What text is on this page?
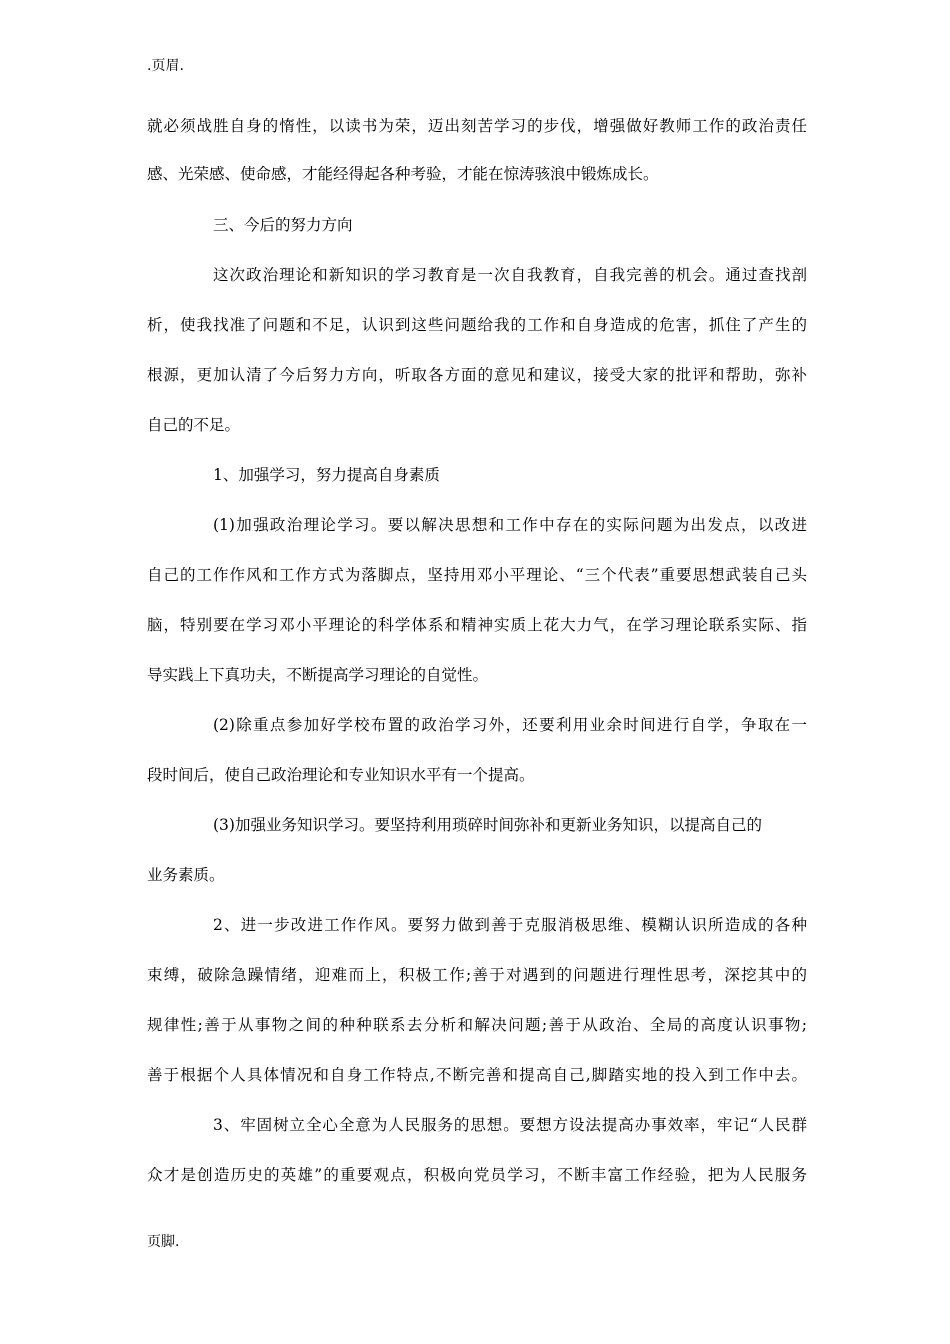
.页眉.
就必须战胜自身的惰性，以读书为荣，迈出刻苦学习的步伐，增强做好教师工作的政治责任
感、光荣感、使命感，才能经得起各种考验，才能在惊涛骇浪中锻炼成长。
三、今后的努力方向
这次政治理论和新知识的学习教育是一次自我教育，自我完善的机会。通过查找剖
析，使我找准了问题和不足，认识到这些问题给我的工作和自身造成的危害，抓住了产生的
根源，更加认清了今后努力方向，听取各方面的意见和建议，接受大家的批评和帮助，弥补
自己的不足。
1、加强学习，努力提高自身素质
(1)加强政治理论学习。要以解决思想和工作中存在的实际问题为出发点，以改进
自己的工作作风和工作方式为落脚点，坚持用邓小平理论、“三个代表”重要思想武装自己头
脑，特别要在学习邓小平理论的科学体系和精神实质上花大力气，在学习理论联系实际、指
导实践上下真功夫，不断提高学习理论的自觉性。
(2)除重点参加好学校布置的政治学习外，还要利用业余时间进行自学，争取在一
段时间后，使自己政治理论和专业知识水平有一个提高。
(3)加强业务知识学习。要坚持利用琐碎时间弥补和更新业务知识，以提高自己的
业务素质。
2、进一步改进工作作风。要努力做到善于克服消极思维、模糊认识所造成的各种
束缚，破除急躁情绪，迎难而上，积极工作;善于对遇到的问题进行理性思考，深挖其中的
规律性;善于从事物之间的种种联系去分析和解决问题;善于从政治、全局的高度认识事物;
善于根据个人具体情况和自身工作特点,不断完善和提高自己,脚踏实地的投入到工作中去。
3、牢固树立全心全意为人民服务的思想。要想方设法提高办事效率，牢记“人民群
众才是创造历史的英雄”的重要观点，积极向党员学习，不断丰富工作经验，把为人民服务
页脚.
